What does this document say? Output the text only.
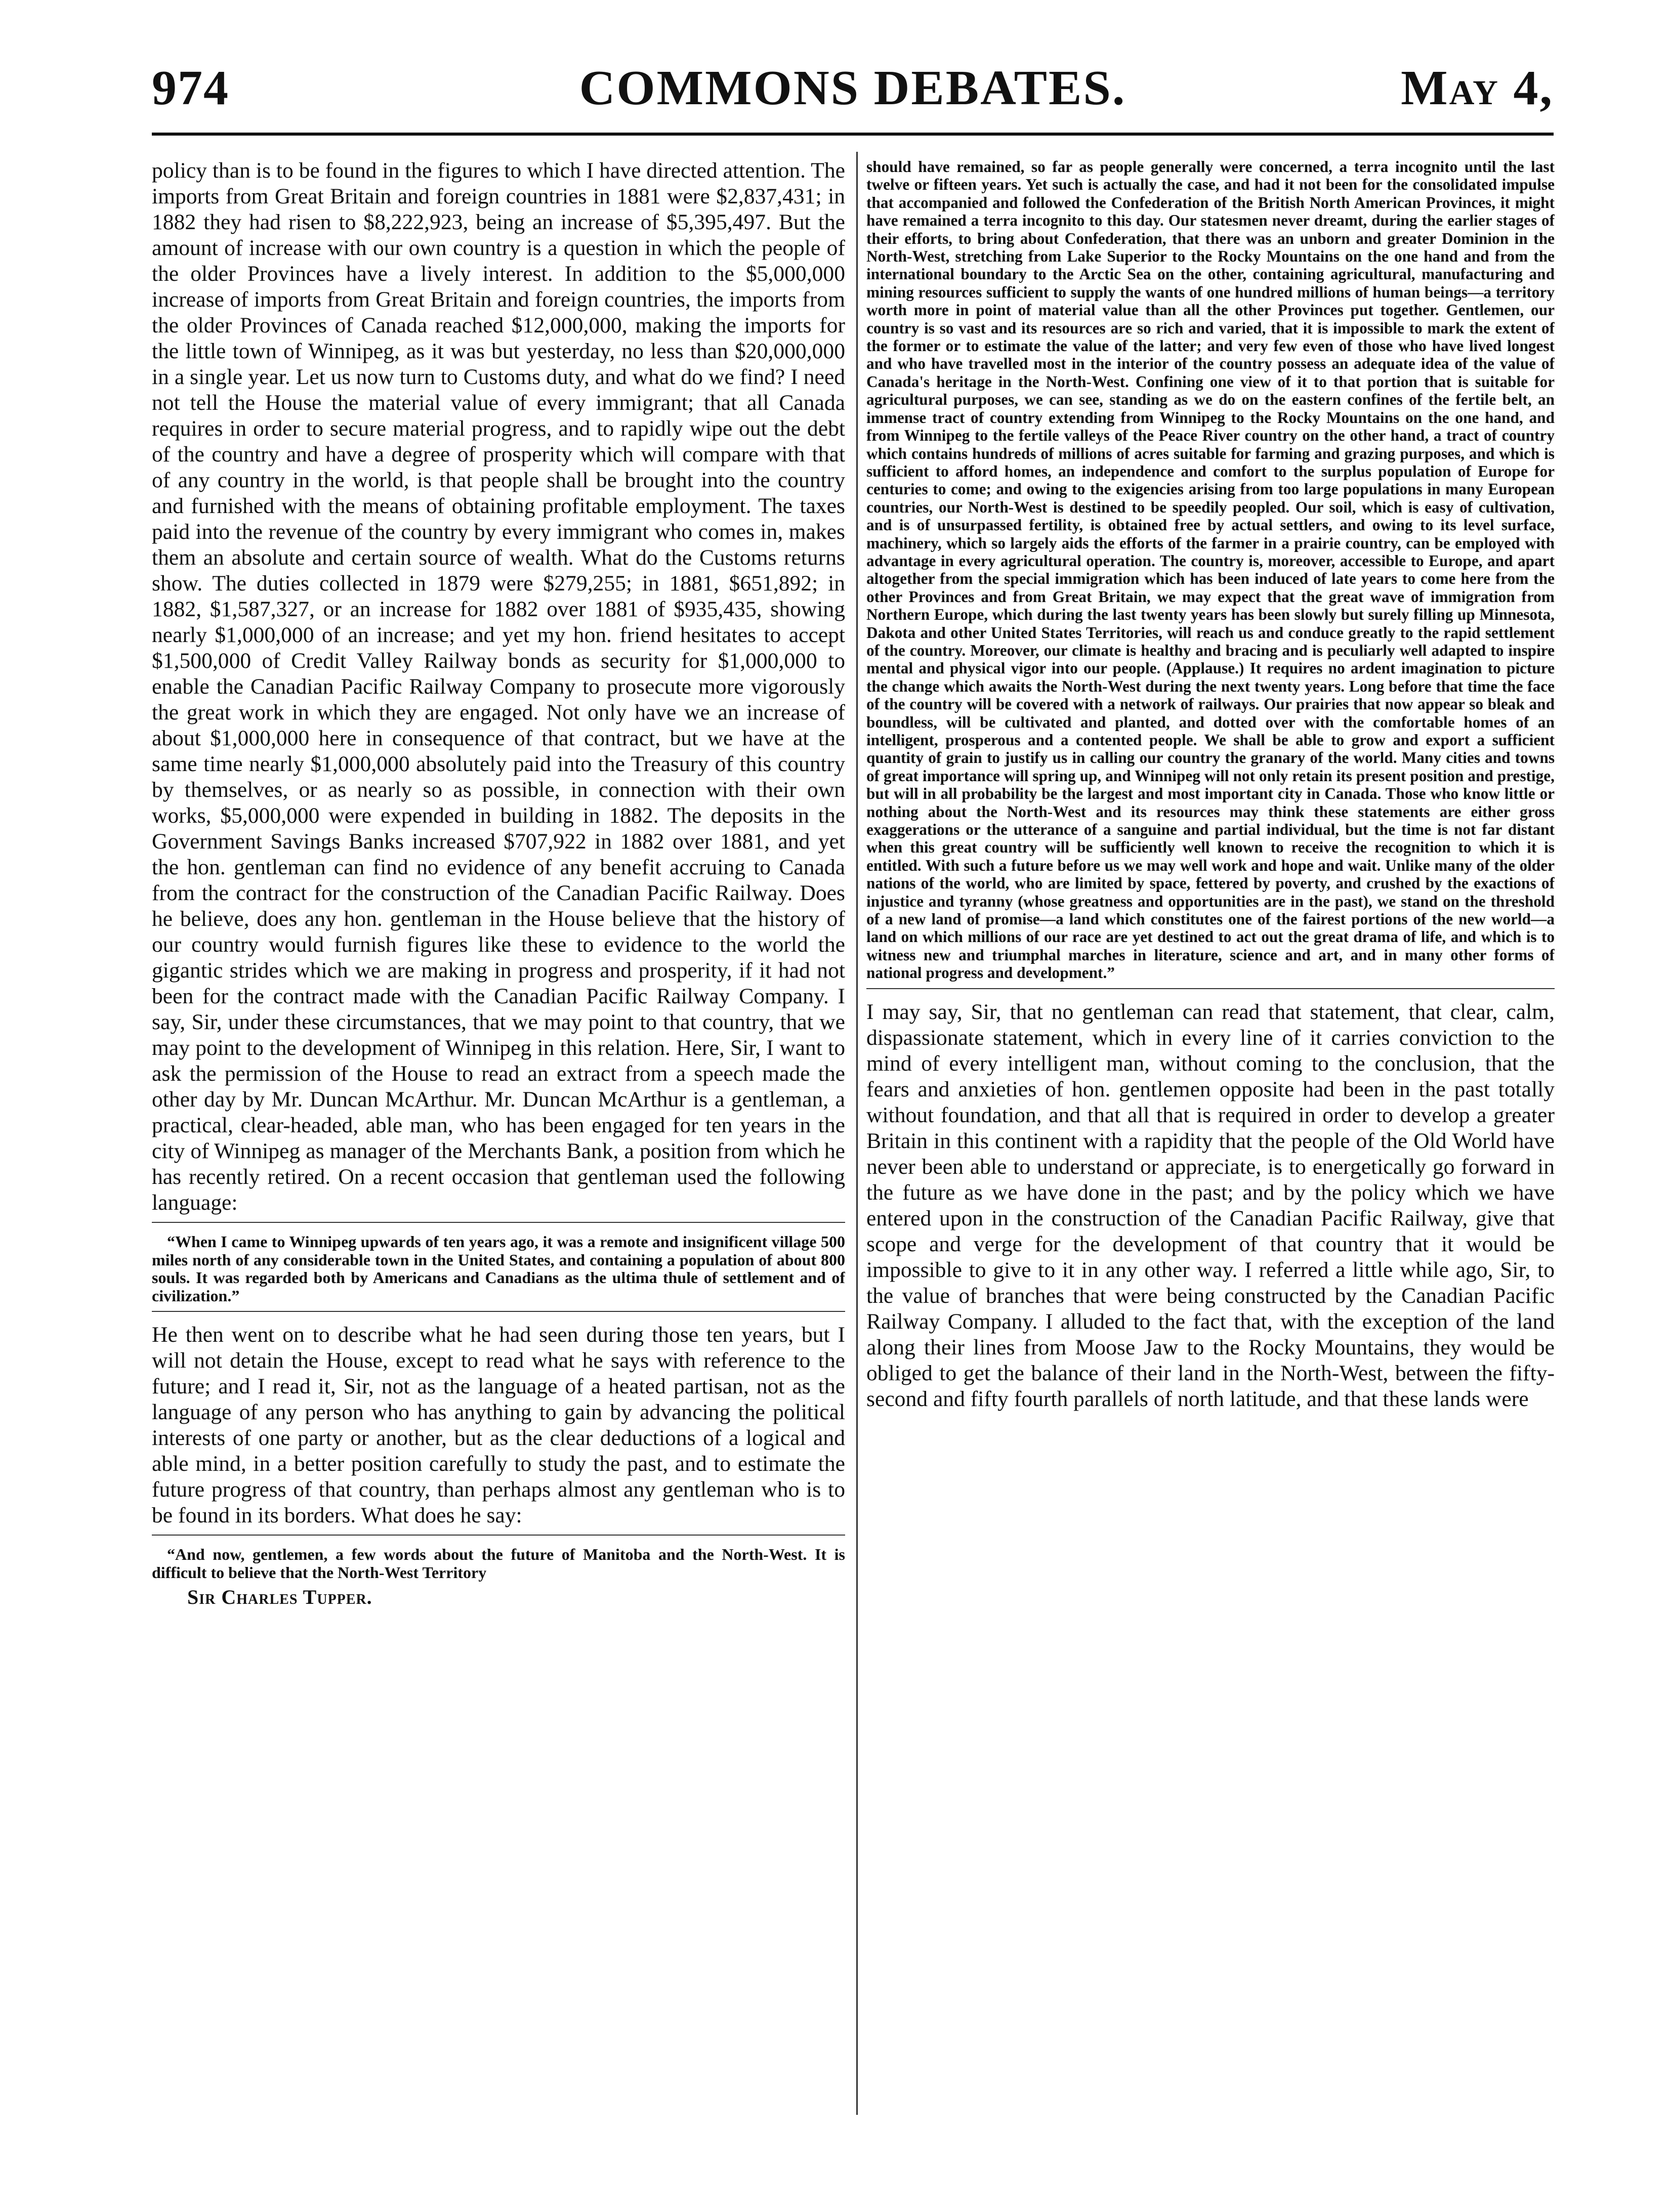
974	COMMONS DEBATES.	May 4,

policy than is to be found in the figures to which I have directed attention. The imports from Great Britain and foreign countries in 1881 were $2,837,431; in 1882 they had risen to $8,222,923, being an increase of $5,395,497. But the amount of increase with our own country is a question in which the people of the older Provinces have a lively interest. In addition to the $5,000,000 increase of imports from Great Britain and foreign countries, the imports from the older Provinces of Canada reached $12,000,000, making the imports for the little town of Winnipeg, as it was but yesterday, no less than $20,000,000 in a single year. Let us now turn to Customs duty, and what do we find? I need not tell the House the material value of every immigrant; that all Canada requires in order to secure material progress, and to rapidly wipe out the debt of the country and have a degree of prosperity which will compare with that of any country in the world, is that people shall be brought into the country and furnished with the means of obtaining profitable employment. The taxes paid into the revenue of the country by every immigrant who comes in, makes them an absolute and certain source of wealth. What do the Customs returns show. The duties collected in 1879 were $279,255; in 1881, $651,892; in 1882, $1,587,327, or an increase for 1882 over 1881 of $935,435, showing nearly $1,000,000 of an increase; and yet my hon. friend hesitates to accept $1,500,000 of Credit Valley Railway bonds as security for $1,000,000 to enable the Canadian Pacific Railway Company to prosecute more vigorously the great work in which they are engaged. Not only have we an increase of about $1,000,000 here in consequence of that contract, but we have at the same time nearly $1,000,000 absolutely paid into the Treasury of this country by themselves, or as nearly so as possible, in connection with their own works, $5,000,000 were expended in building in 1882. The deposits in the Government Savings Banks increased $707,922 in 1882 over 1881, and yet the hon. gentleman can find no evidence of any benefit accruing to Canada from the contract for the construction of the Canadian Pacific Railway. Does he believe, does any hon. gentleman in the House believe that the history of our country would furnish figures like these to evidence to the world the gigantic strides which we are making in progress and prosperity, if it had not been for the contract made with the Canadian Pacific Railway Company. I say, Sir, under these circumstances, that we may point to that country, that we may point to the development of Winnipeg in this relation. Here, Sir, I want to ask the permission of the House to read an extract from a speech made the other day by Mr. Duncan McArthur. Mr. Duncan McArthur is a gentleman, a practical, clear-headed, able man, who has been engaged for ten years in the city of Winnipeg as manager of the Merchants Bank, a position from which he has recently retired. On a recent occasion that gentleman used the following language:

“When I came to Winnipeg upwards of ten years ago, it was a remote and insignificent village 500 miles north of any considerable town in the United States, and containing a population of about 800 souls. It was regarded both by Americans and Canadians as the ultima thule of settlement and of civilization.”

He then went on to describe what he had seen during those ten years, but I will not detain the House, except to read what he says with reference to the future; and I read it, Sir, not as the language of a heated partisan, not as the language of any person who has anything to gain by advancing the political interests of one party or another, but as the clear deductions of a logical and able mind, in a better position carefully to study the past, and to estimate the future progress of that country, than perhaps almost any gentleman who is to be found in its borders. What does he say:

“And now, gentlemen, a few words about the future of Manitoba and the North-West. It is difficult to believe that the North-West Territory

Sir Charles Tupper.

should have remained, so far as people generally were concerned, a terra incognito until the last twelve or fifteen years. Yet such is actually the case, and had it not been for the consolidated impulse that accompanied and followed the Confederation of the British North American Provinces, it might have remained a terra incognito to this day. Our statesmen never dreamt, during the earlier stages of their efforts, to bring about Confederation, that there was an unborn and greater Dominion in the North-West, stretching from Lake Superior to the Rocky Mountains on the one hand and from the international boundary to the Arctic Sea on the other, containing agricultural, manufacturing and mining resources sufficient to supply the wants of one hundred millions of human beings—a territory worth more in point of material value than all the other Provinces put together. Gentlemen, our country is so vast and its resources are so rich and varied, that it is impossible to mark the extent of the former or to estimate the value of the latter; and very few even of those who have lived longest and who have travelled most in the interior of the country possess an adequate idea of the value of Canada's heritage in the North-West. Confining one view of it to that portion that is suitable for agricultural purposes, we can see, standing as we do on the eastern confines of the fertile belt, an immense tract of country extending from Winnipeg to the Rocky Mountains on the one hand, and from Winnipeg to the fertile valleys of the Peace River country on the other hand, a tract of country which contains hundreds of millions of acres suitable for farming and grazing purposes, and which is sufficient to afford homes, an independence and comfort to the surplus population of Europe for centuries to come; and owing to the exigencies arising from too large populations in many European countries, our North-West is destined to be speedily peopled. Our soil, which is easy of cultivation, and is of unsurpassed fertility, is obtained free by actual settlers, and owing to its level surface, machinery, which so largely aids the efforts of the farmer in a prairie country, can be employed with advantage in every agricultural operation. The country is, moreover, accessible to Europe, and apart altogether from the special immigration which has been induced of late years to come here from the other Provinces and from Great Britain, we may expect that the great wave of immigration from Northern Europe, which during the last twenty years has been slowly but surely filling up Minnesota, Dakota and other United States Territories, will reach us and conduce greatly to the rapid settlement of the country. Moreover, our climate is healthy and bracing and is peculiarly well adapted to inspire mental and physical vigor into our people. (Applause.) It requires no ardent imagination to picture the change which awaits the North-West during the next twenty years. Long before that time the face of the country will be covered with a network of railways. Our prairies that now appear so bleak and boundless, will be cultivated and planted, and dotted over with the comfortable homes of an intelligent, prosperous and a contented people. We shall be able to grow and export a sufficient quantity of grain to justify us in calling our country the granary of the world. Many cities and towns of great importance will spring up, and Winnipeg will not only retain its present position and prestige, but will in all probability be the largest and most important city in Canada. Those who know little or nothing about the North-West and its resources may think these statements are either gross exaggerations or the utterance of a sanguine and partial individual, but the time is not far distant when this great country will be sufficiently well known to receive the recognition to which it is entitled. With such a future before us we may well work and hope and wait. Unlike many of the older nations of the world, who are limited by space, fettered by poverty, and crushed by the exactions of injustice and tyranny (whose greatness and opportunities are in the past), we stand on the threshold of a new land of promise—a land which constitutes one of the fairest portions of the new world—a land on which millions of our race are yet destined to act out the great drama of life, and which is to witness new and triumphal marches in literature, science and art, and in many other forms of national progress and development.”

I may say, Sir, that no gentleman can read that statement, that clear, calm, dispassionate statement, which in every line of it carries conviction to the mind of every intelligent man, without coming to the conclusion, that the fears and anxieties of hon. gentlemen opposite had been in the past totally without foundation, and that all that is required in order to develop a greater Britain in this continent with a rapidity that the people of the Old World have never been able to understand or appreciate, is to energetically go forward in the future as we have done in the past; and by the policy which we have entered upon in the construction of the Canadian Pacific Railway, give that scope and verge for the development of that country that it would be impossible to give to it in any other way. I referred a little while ago, Sir, to the value of branches that were being constructed by the Canadian Pacific Railway Company. I alluded to the fact that, with the exception of the land along their lines from Moose Jaw to the Rocky Mountains, they would be obliged to get the balance of their land in the North-West, between the fifty-second and fifty fourth parallels of north latitude, and that these lands were
